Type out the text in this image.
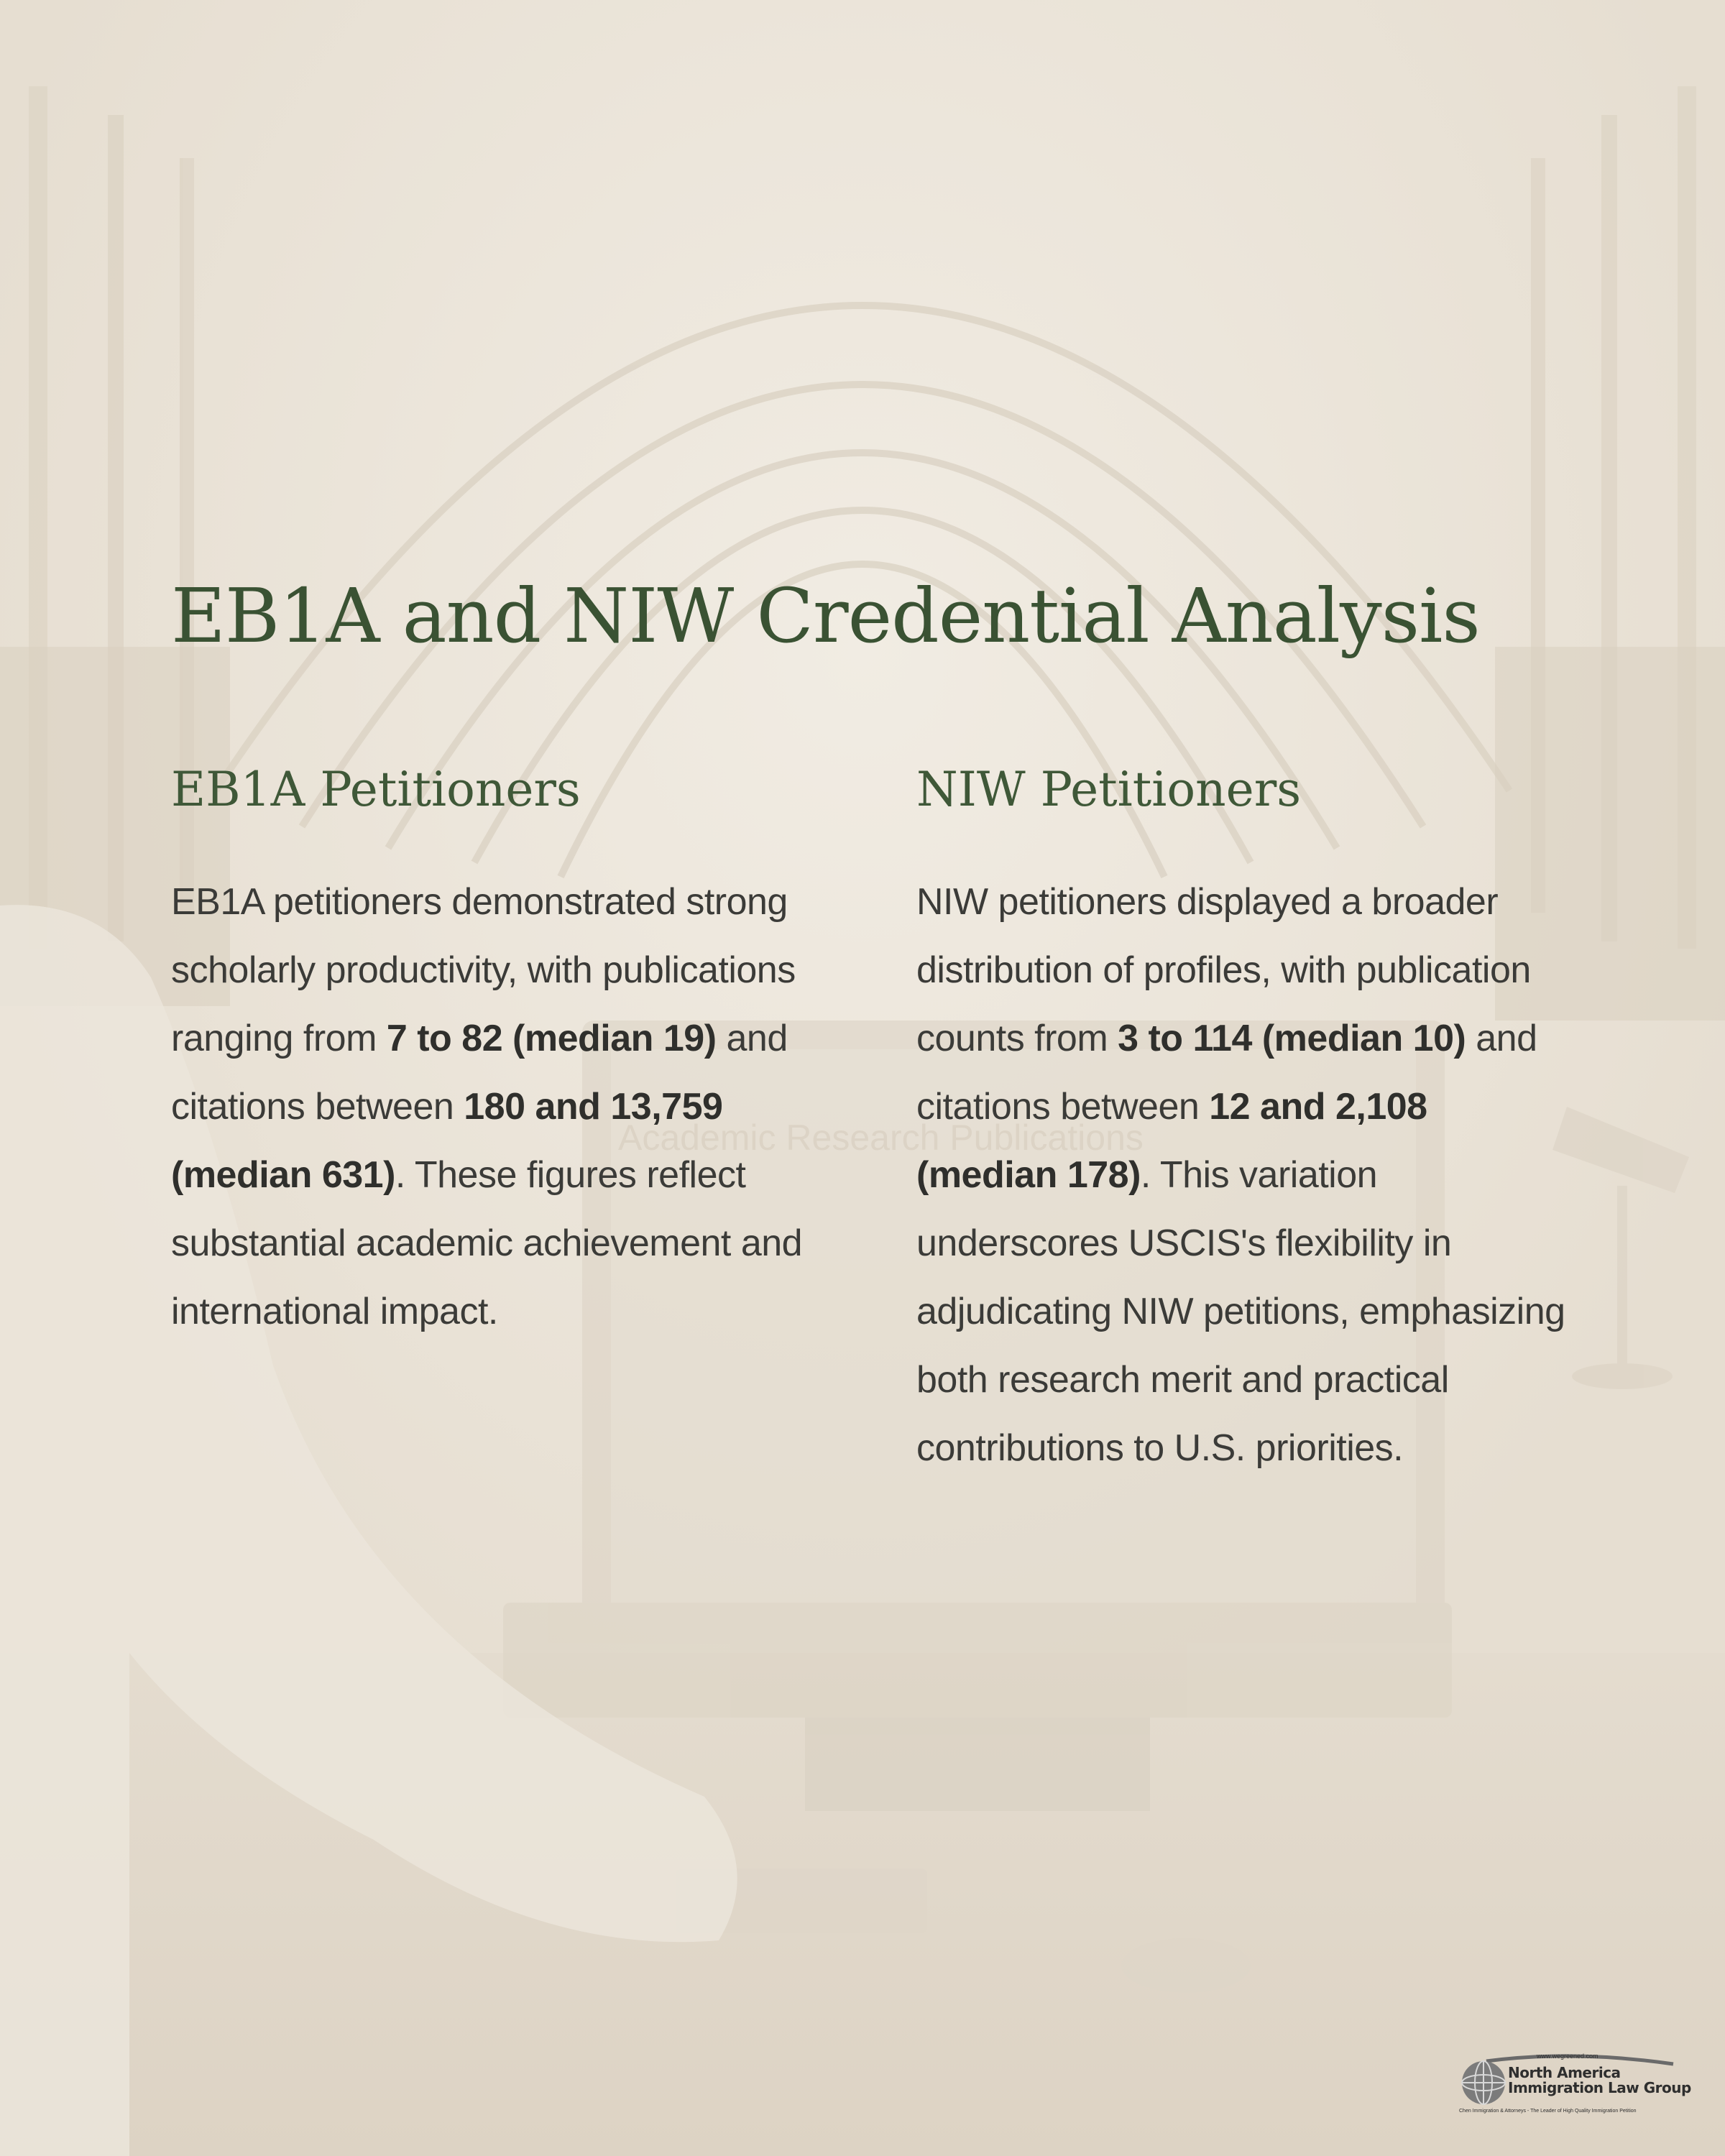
Academic Research Publications
EB1A and NIW Credential Analysis
EB1A Petitioners

EB1A petitioners demonstrated strong scholarly productivity, with publications ranging from 7 to 82 (median 19) and citations between 180 and 13,759 (median 631). These figures reflect substantial academic achievement and international impact.

NIW Petitioners

NIW petitioners displayed a broader distribution of profiles, with publication counts from 3 to 114 (median 10) and citations between 12 and 2,108 (median 178). This variation underscores USCIS's flexibility in adjudicating NIW petitions, emphasizing both research merit and practical contributions to U.S. priorities.

www.wegreened.com
North America
Immigration Law Group
Chen Immigration & Attorneys - The Leader of High Quality Immigration Petition
